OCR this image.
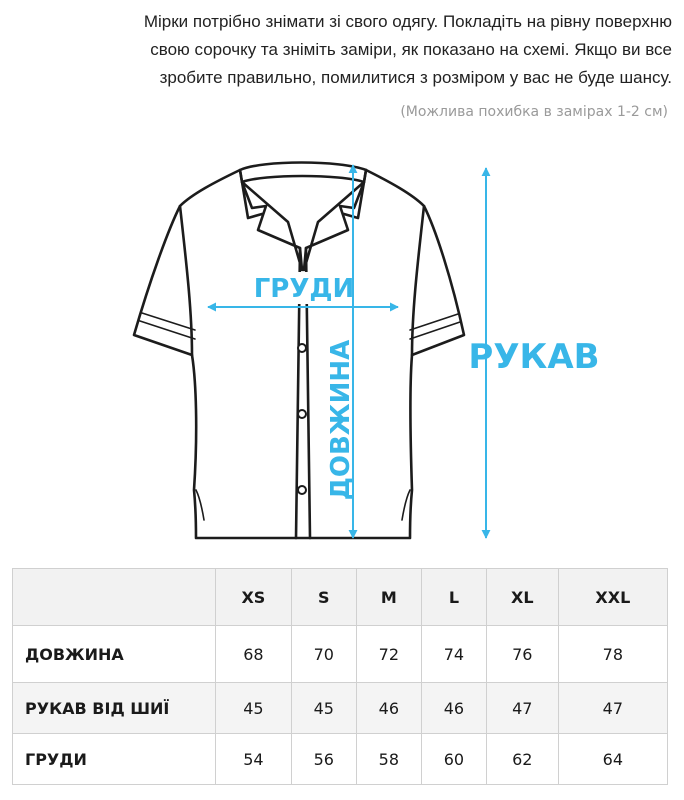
Мірки потрібно знімати зі свого одягу. Покладіть на рівну поверхню

свою сорочку та зніміть заміри, як показано на схемі. Якщо ви все

зробите правильно, помилитися з розміром у вас не буде шансу.

(Можлива похибка в замірах 1-2 см)
ГРУДИ
ДОВЖИНА	РУКАВ
	XS	S	M	L	XL	XXL
ДОВЖИНА	68	70	72	74	76	78
РУКАВ ВІД ШИЇ	45	45	46	46	47	47
ГРУДИ	54	56	58	60	62	64
